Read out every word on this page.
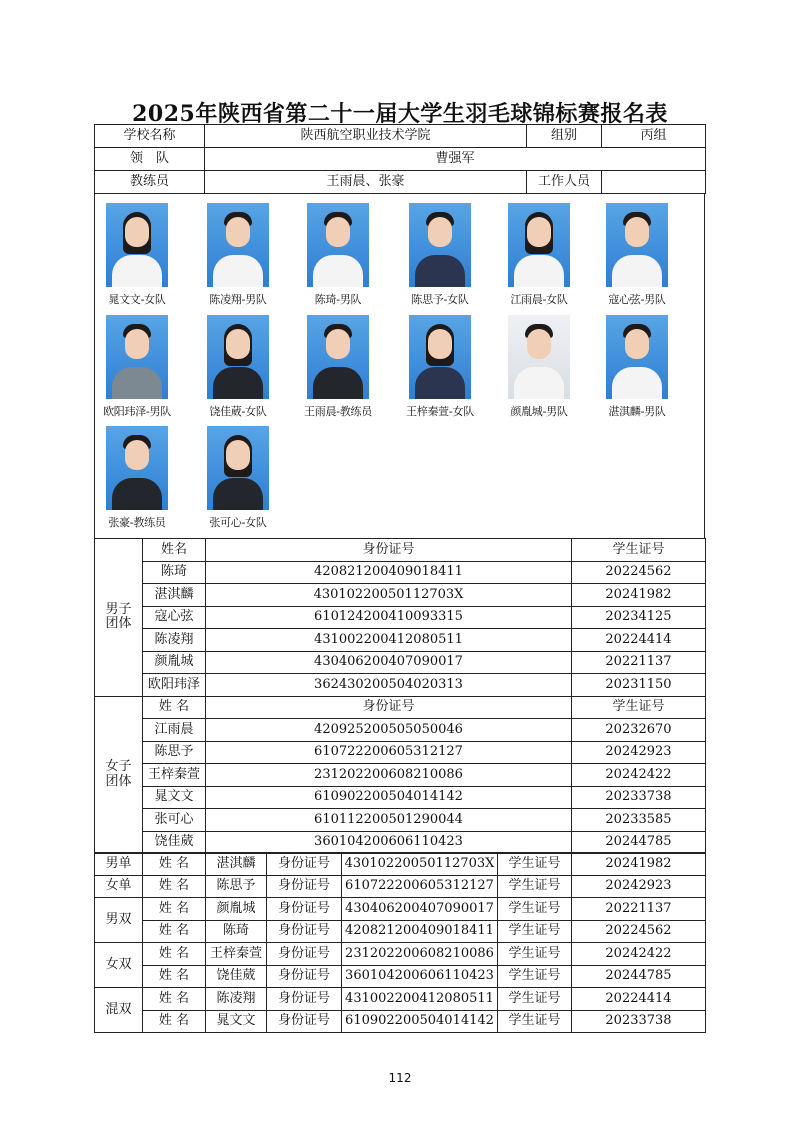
2025年陕西省第二十一届大学生羽毛球锦标赛报名表
学校名称	陕西航空职业技术学院	组别	丙组
领　队	曹强军		
教练员	王雨晨、张豪	工作人员	
晁文文-女队	陈凌翔-男队	陈琦-男队	陈思予-女队	江雨晨-女队	寇心弦-男队
欧阳玮泽-男队	饶佳葳-女队	王雨晨-教练员	王梓秦萱-女队	颜胤城-男队	湛淇麟-男队
张豪-教练员	张可心-女队
男子团体	姓名	身份证号	学生证号
	陈琦	420821200409018411	20224562
	湛淇麟	43010220050112703X	20241982
	寇心弦	610124200410093315	20234125
	陈凌翔	431002200412080511	20224414
	颜胤城	430406200407090017	20221137
	欧阳玮泽	362430200504020313	20231150
女子团体	姓 名	身份证号	学生证号
	江雨晨	420925200505050046	20232670
	陈思予	610722200605312127	20242923
	王梓秦萱	231202200608210086	20242422
	晁文文	610902200504014142	20233738
	张可心	610112200501290044	20233585
	饶佳葳	360104200606110423	20244785
男单	姓 名	湛淇麟	身份证号	43010220050112703X	学生证号	20241982
女单	姓 名	陈思予	身份证号	610722200605312127	学生证号	20242923
男双	姓 名	颜胤城	身份证号	430406200407090017	学生证号	20221137
	姓 名	陈琦	身份证号	420821200409018411	学生证号	20224562
女双	姓 名	王梓秦萱	身份证号	231202200608210086	学生证号	20242422
	姓 名	饶佳葳	身份证号	360104200606110423	学生证号	20244785
混双	姓 名	陈凌翔	身份证号	431002200412080511	学生证号	20224414
	姓 名	晁文文	身份证号	610902200504014142	学生证号	20233738
112
